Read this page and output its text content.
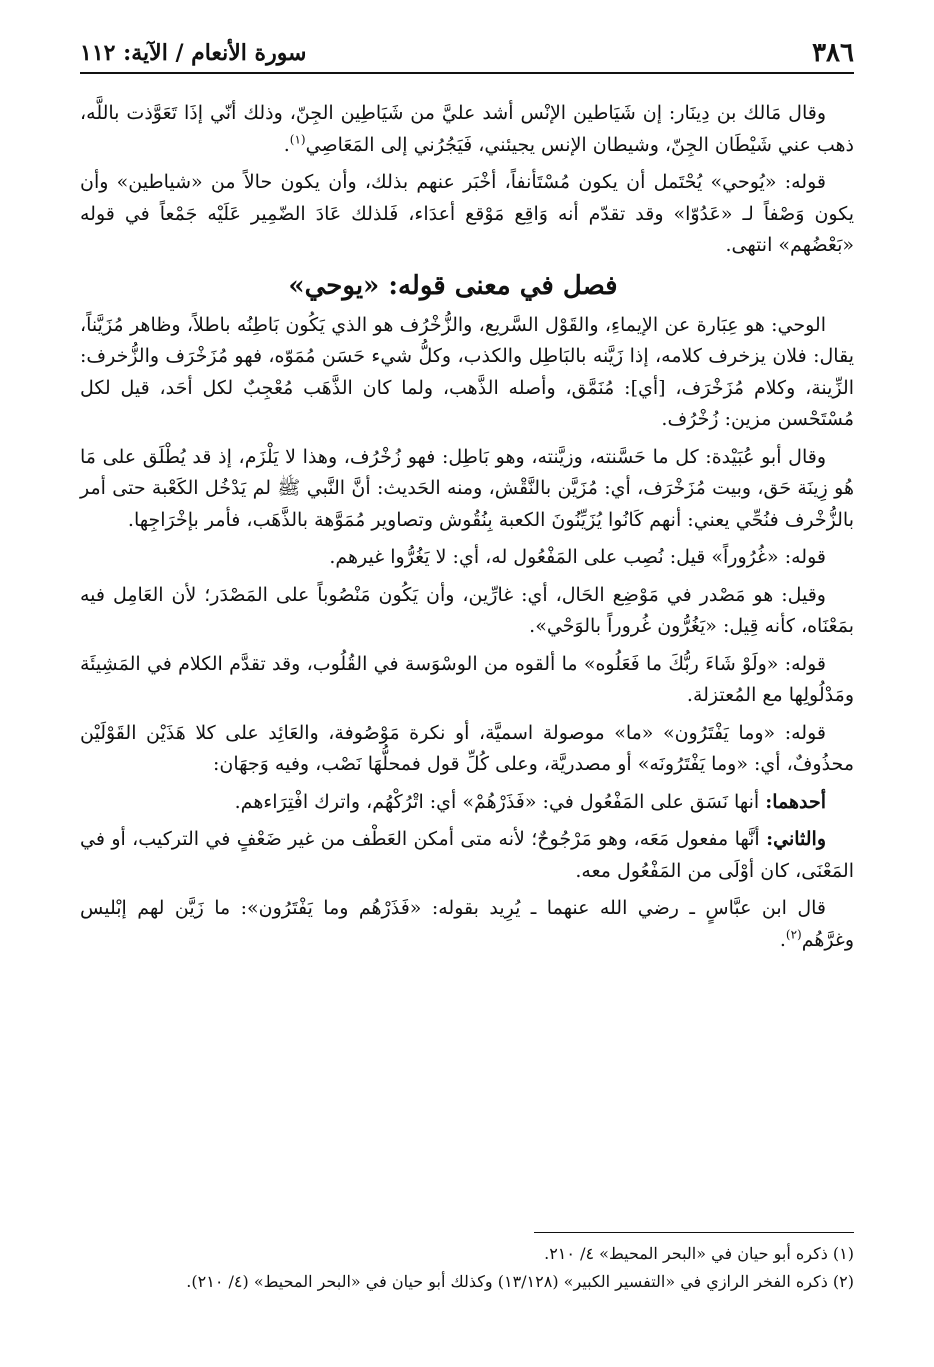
٣٨٦
سورة الأنعام / الآية: ١١٢

وقال مَالك بن دِينَار: إن شَيَاطين الإنْس أشد عليَّ من شَيَاطِين الجِنّ، وذلك أنّي إذَا تَعَوَّذت باللَّه، ذهب عني شَيْطَان الجِنّ، وشيطان الإنس يجيئني، فَيَجُرُني إلى المَعَاصِي$^{(١)}$.

قوله: «يُوحي» يُحْتَمل أن يكون مُسْتَأنفاً، أخْبَر عنهم بذلك، وأن يكون حالاً من «شياطين» وأن يكون وَصْفاً لـ «عَدُوّا» وقد تقدّم أنه وَاقِع مَوْقع أعدَاء، فَلذلك عَادَ الضّمِير عَلَيْه جَمْعاً في قوله «بَعْضُهم» انتهى.

فصل في معنى قوله: «يوحي»

الوحي: هو عِبَارة عن الإيماءِ، والقَوْل السَّريع، والزُّخْرُف هو الذي يَكُون بَاطِنُه باطلاً، وظاهر مُزَيَّناً، يقال: فلان يزخرف كلامه، إذا زَيَّنه بالبَاطِل والكذب، وكلُّ شيء حَسَن مُمَوّه، فهو مُزَخْرَف والزُّخرف: الزِّينة، وكلام مُزَخْرَف، [أي]: مُنَمَّق، وأصله الذَّهب، ولما كان الذَّهَب مُعْجِبٌ لكل أحَد، قيل لكل مُسْتَحْسن مزين: زُخْرُف.

وقال أبو عُبَيْدة: كل ما حَسَّنته، وزيَّنته، وهو بَاطِل: فهو زُخْرُف، وهذا لا يَلْزَم، إذ قد يُطْلَق على مَا هُو زِينَة حَق، وبيت مُزَخْرَف، أي: مُزَيَّن بالنَّقْش، ومنه الحَديث: أنَّ النَّبي ﷺ لم يَدْخُل الكَعْبة حتى أمر بالزُّخْرف فنُحِّي يعني: أنهم كَانُوا يُزَيِّنُونَ الكعبة بِنُقُوش وتصاوير مُمَوَّهة بالذَّهَب، فأمر بإخْرَاجِها.

قوله: «غُرُوراً» قيل: نُصِب على المَفْعُول له، أي: لا يَغُرُّوا غيرهم.

وقيل: هو مَصْدر في مَوْضِع الحَال، أي: غارِّين، وأن يَكُون مَنْصُوباً على المَصْدَر؛ لأن العَامِل فيه بمَعْنَاه، كأنه قِيل: «يَغُرُّون غُروراً بالوَحْي».

قوله: «ولَوْ شَاءَ ربُّكَ ما فَعَلُوه» ما ألقوه من الوسْوَسة في القُلُوب، وقد تقدَّم الكلام في المَشِيئَة ومَدْلُولِها مع المُعتزلة.

قوله: «وما يَفْتَرُون» «ما» موصولة اسميَّة، أو نكرة مَوْصُوفة، والعَائِد على كلا هَذَيْن القَوْلَيْن محذُوفٌ، أي: «وما يَفْتَرُونَه» أو مصدريَّة، وعلى كُلِّ قول فمحلُّهَا نَصْب، وفيه وَجهَان:

أحدهما: أنها نَسَق على المَفْعُول في: «فَذَرْهُمْ» أي: اتْرُكْهُم، واترك افْتِرَاءهم.

والثاني: أنَّها مفعول مَعَه، وهو مَرْجُوحٌ؛ لأنه متى أمكن العَطْف من غير ضَعْفٍ في التركيب، أو في المَعْنَى، كان أوْلَى من المَفْعُول معه.

قال ابن عبَّاسٍ ـ رضي الله عنهما ـ يُرِيد بقوله: «فَذَرْهُم وما يَفْتَرُون»: ما زَيَّن لهم إبْليس وغرَّهُم$^{(٢)}$.

(١) ذكره أبو حيان في «البحر المحيط» ٤/ ٢١٠.

(٢) ذكره الفخر الرازي في «التفسير الكبير» (١٣/١٢٨) وكذلك أبو حيان في «البحر المحيط» (٤/ ٢١٠).
